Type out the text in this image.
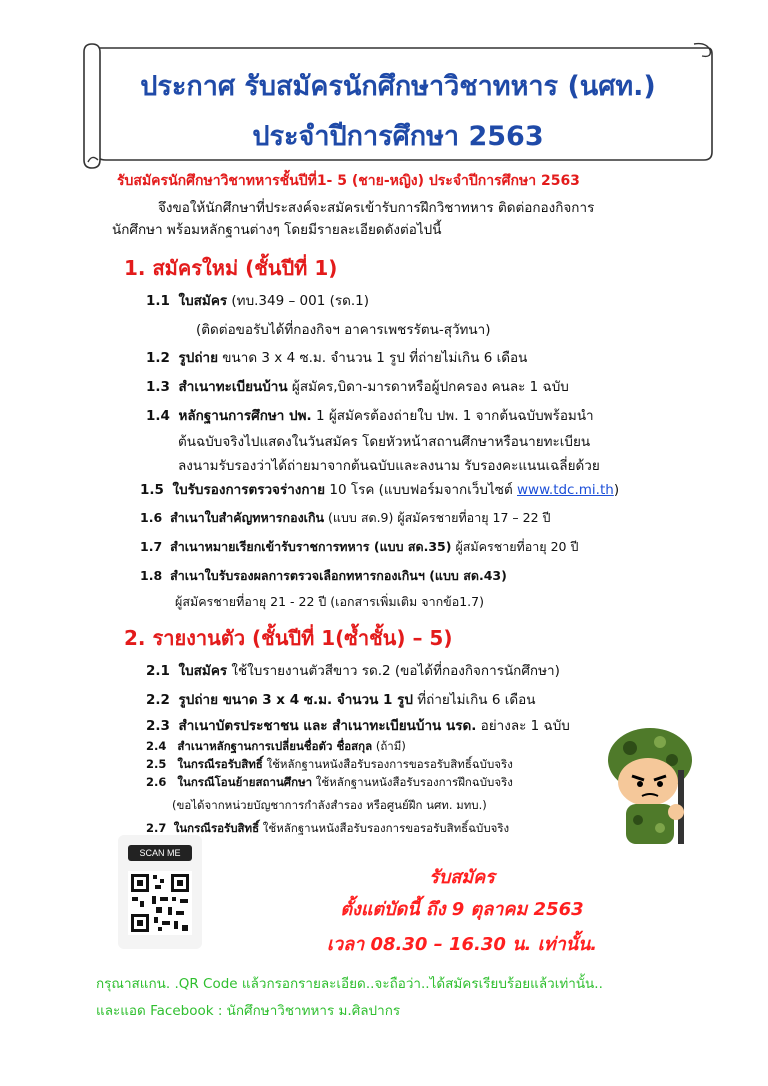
ประกาศ รับสมัครนักศึกษาวิชาทหาร (นศท.)
ประจำปีการศึกษา 2563
รับสมัครนักศึกษาวิชาทหารชั้นปีที่1- 5 (ชาย-หญิง) ประจำปีการศึกษา 2563
จึงขอให้นักศึกษาที่ประสงค์จะสมัครเข้ารับการฝึกวิชาทหาร ติดต่อกองกิจการ
นักศึกษา พร้อมหลักฐานต่างๆ โดยมีรายละเอียดดังต่อไปนี้
1. สมัครใหม่ (ชั้นปีที่ 1)
1.1 ใบสมัคร (ทบ.349 – 001 (รด.1)
(ติดต่อขอรับได้ที่กองกิจฯ อาคารเพชรรัตน-สุวัทนา)
1.2 รูปถ่าย ขนาด 3 x 4 ซ.ม. จำนวน 1 รูป ที่ถ่ายไม่เกิน 6 เดือน
1.3 สำเนาทะเบียนบ้าน ผู้สมัคร,บิดา-มารดาหรือผู้ปกครอง คนละ 1 ฉบับ
1.4 หลักฐานการศึกษา ปพ. 1 ผู้สมัครต้องถ่ายใบ ปพ. 1 จากต้นฉบับพร้อมนำ
ต้นฉบับจริงไปแสดงในวันสมัคร โดยหัวหน้าสถานศึกษาหรือนายทะเบียน
ลงนามรับรองว่าได้ถ่ายมาจากต้นฉบับและลงนาม รับรองคะแนนเฉลี่ยด้วย
1.5 ใบรับรองการตรวจร่างกาย 10 โรค (แบบฟอร์มจากเว็บไซต์ www.tdc.mi.th)
1.6 สำเนาใบสำคัญทหารกองเกิน (แบบ สด.9) ผู้สมัครชายที่อายุ 17 – 22 ปี
1.7 สำเนาหมายเรียกเข้ารับราชการทหาร (แบบ สด.35) ผู้สมัครชายที่อายุ 20 ปี
1.8 สำเนาใบรับรองผลการตรวจเลือกทหารกองเกินฯ (แบบ สด.43)
ผู้สมัครชายที่อายุ 21 - 22 ปี (เอกสารเพิ่มเติม จากข้อ1.7)
2. รายงานตัว (ชั้นปีที่ 1(ซ้ำชั้น) – 5)
2.1 ใบสมัคร ใช้ใบรายงานตัวสีขาว รด.2 (ขอได้ที่กองกิจการนักศึกษา)
2.2 รูปถ่าย ขนาด 3 x 4 ซ.ม. จำนวน 1 รูป ที่ถ่ายไม่เกิน 6 เดือน
2.3 สำเนาบัตรประชาชน และ สำเนาทะเบียนบ้าน นรด. อย่างละ 1 ฉบับ
2.4 สำเนาหลักฐานการเปลี่ยนชื่อตัว ชื่อสกุล (ถ้ามี)
2.5 ในกรณีรอรับสิทธิ์ ใช้หลักฐานหนังสือรับรองการขอรอรับสิทธิ์ฉบับจริง
2.6 ในกรณีโอนย้ายสถานศึกษา ใช้หลักฐานหนังสือรับรองการฝึกฉบับจริง
(ขอได้จากหน่วยบัญชาการกำลังสำรอง หรือศูนย์ฝึก นศท. มทบ.)
2.7 ในกรณีรอรับสิทธิ์ ใช้หลักฐานหนังสือรับรองการขอรอรับสิทธิ์ฉบับจริง
SCAN ME
รับสมัคร
ตั้งแต่บัดนี้ ถึง 9 ตุลาคม 2563
เวลา 08.30 – 16.30 น. เท่านั้น.
กรุณาสแกน. .QR Code แล้วกรอกรายละเอียด..จะถือว่า..ได้สมัครเรียบร้อยแล้วเท่านั้น..
และแอด Facebook : นักศึกษาวิชาทหาร ม.ศิลปากร
